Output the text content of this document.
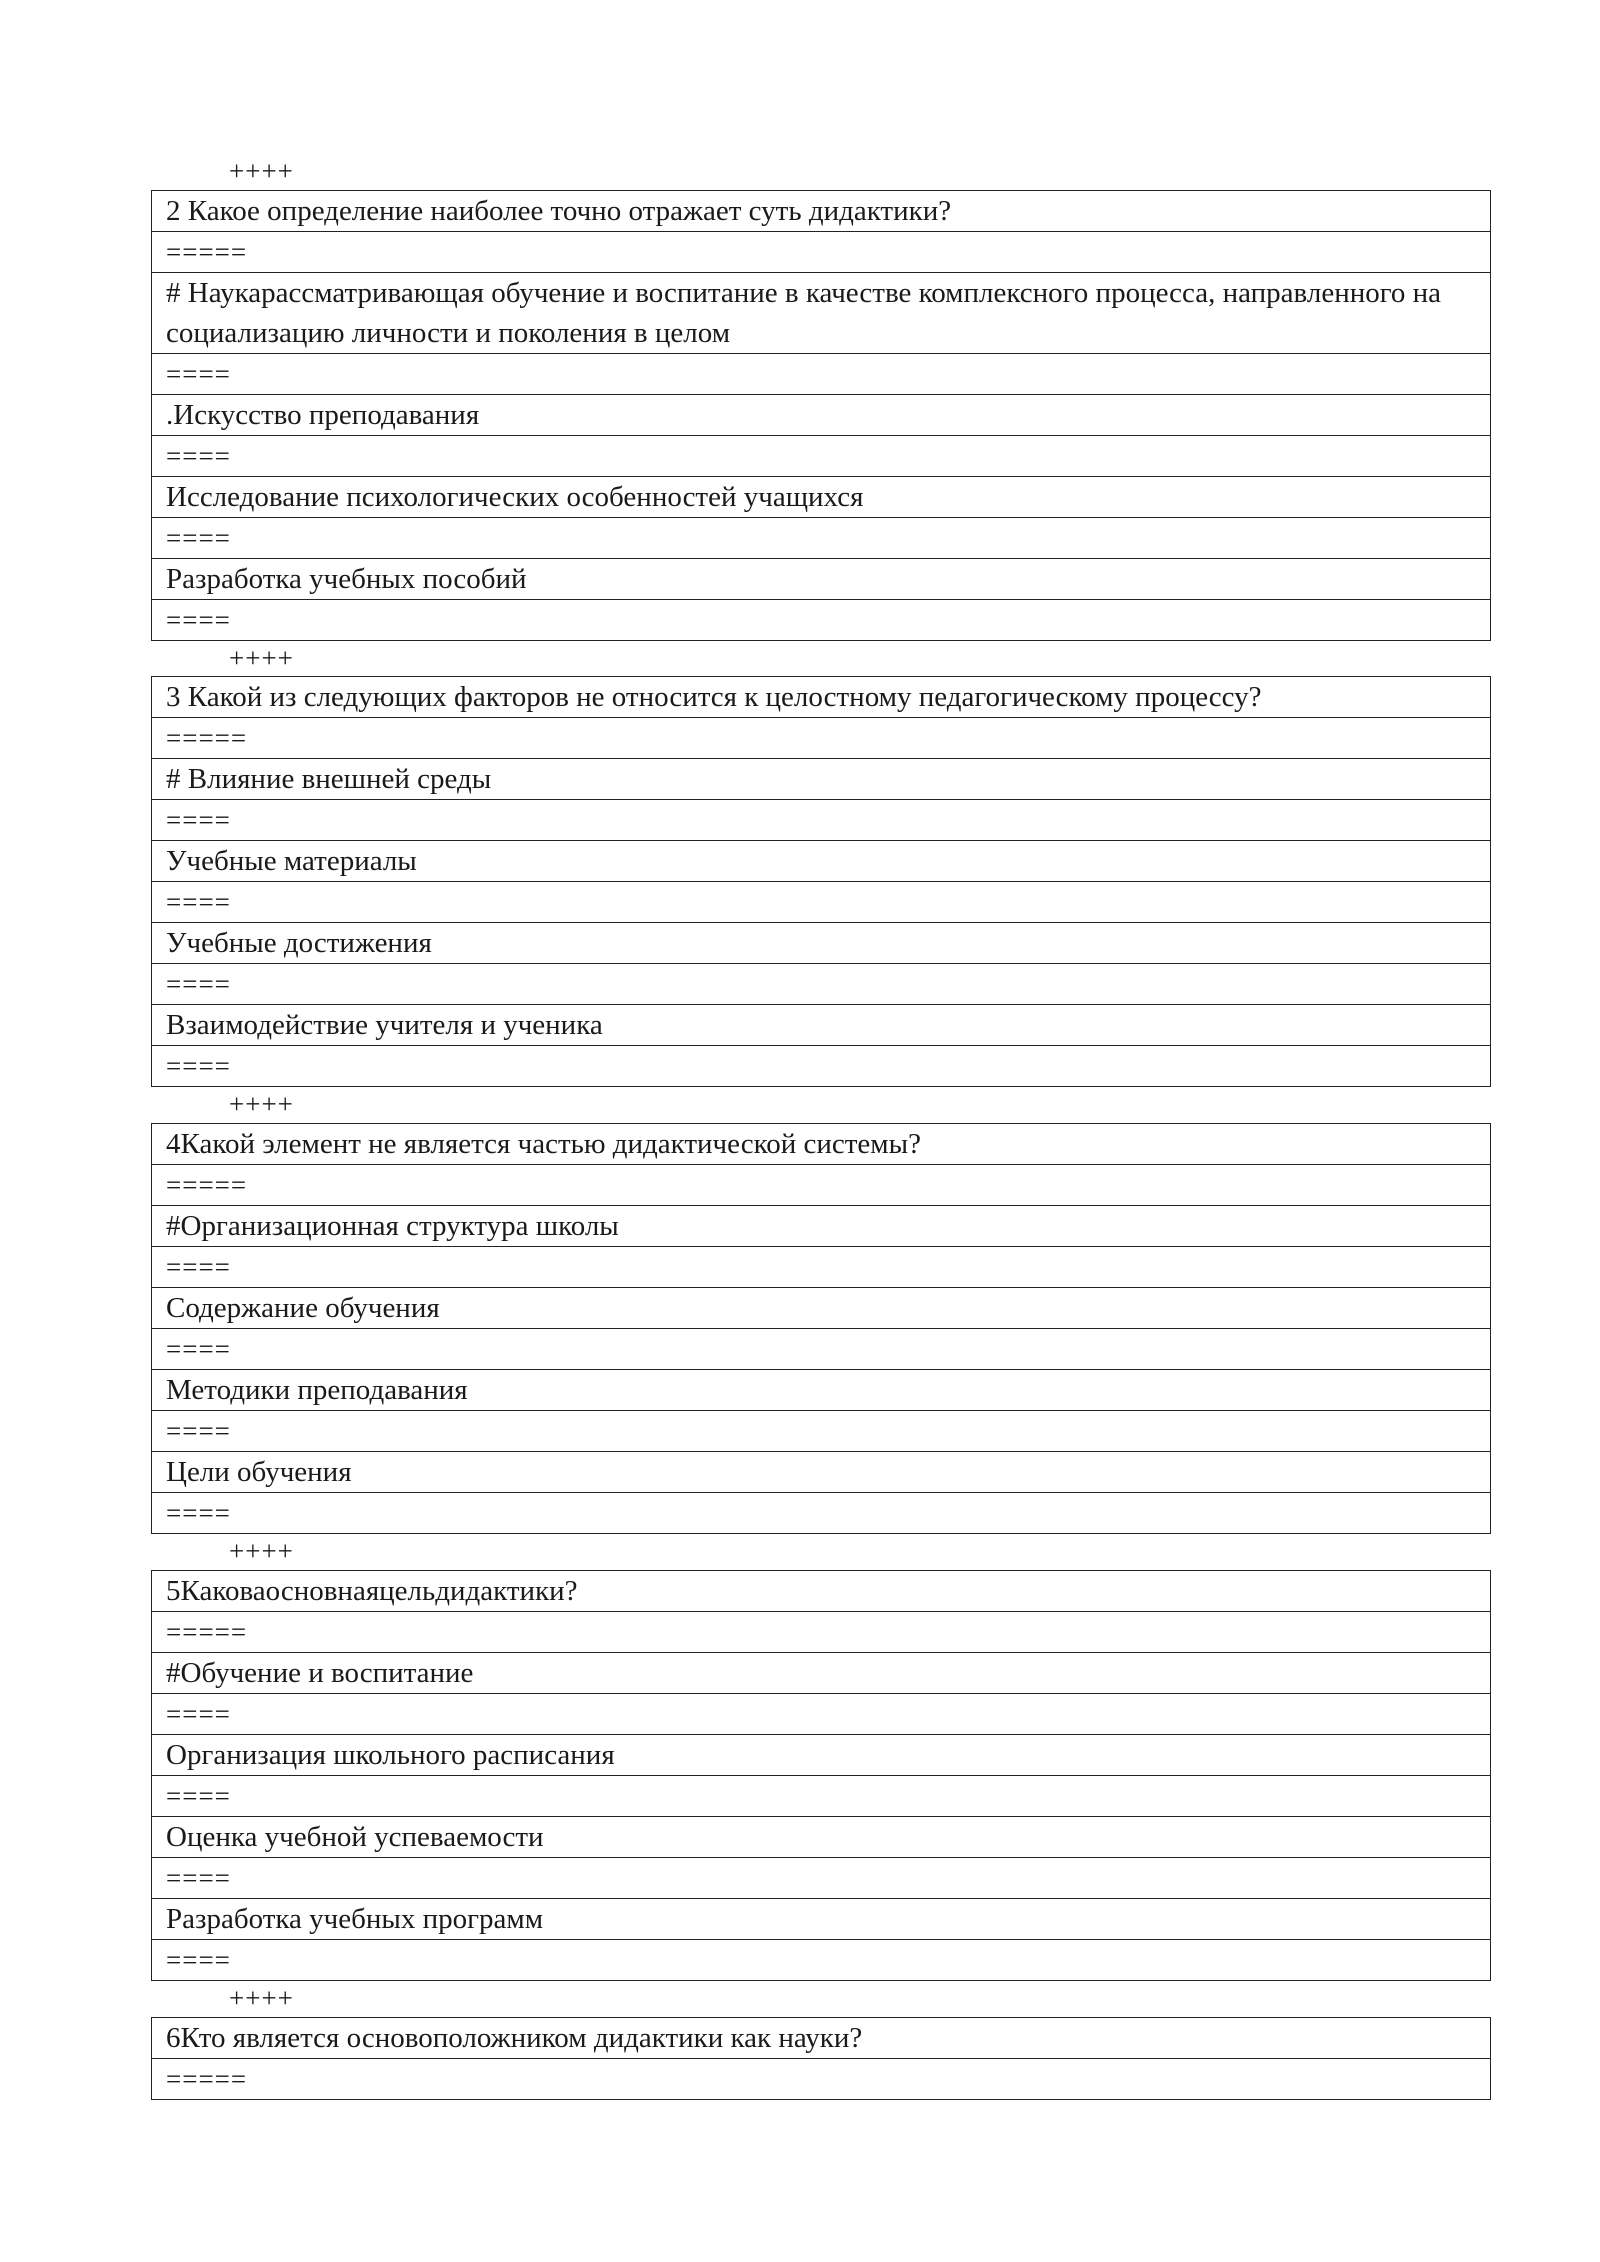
++++
2 Какое определение наиболее точно отражает суть дидактики?
=====
# Наукарассматривающая обучение и воспитание в качестве комплексного процесса, направленного на социализацию личности и поколения в целом
====
.Искусство преподавания
====
Исследование психологических особенностей учащихся
====
Разработка учебных пособий
====
++++
3 Какой из следующих факторов не относится к целостному педагогическому процессу?
=====
# Влияние внешней среды
====
Учебные материалы
====
Учебные достижения
====
Взаимодействие учителя и ученика
====
++++
4Какой элемент не является частью дидактической системы?
=====
#Организационная структура школы
====
Содержание обучения
====
Методики преподавания
====
Цели обучения
====
++++
5Каковаосновнаяцельдидактики?
=====
#Обучение и воспитание
====
Организация школьного расписания
====
Оценка учебной успеваемости
====
Разработка учебных программ
====
++++
6Кто является основоположником дидактики как науки?
=====
